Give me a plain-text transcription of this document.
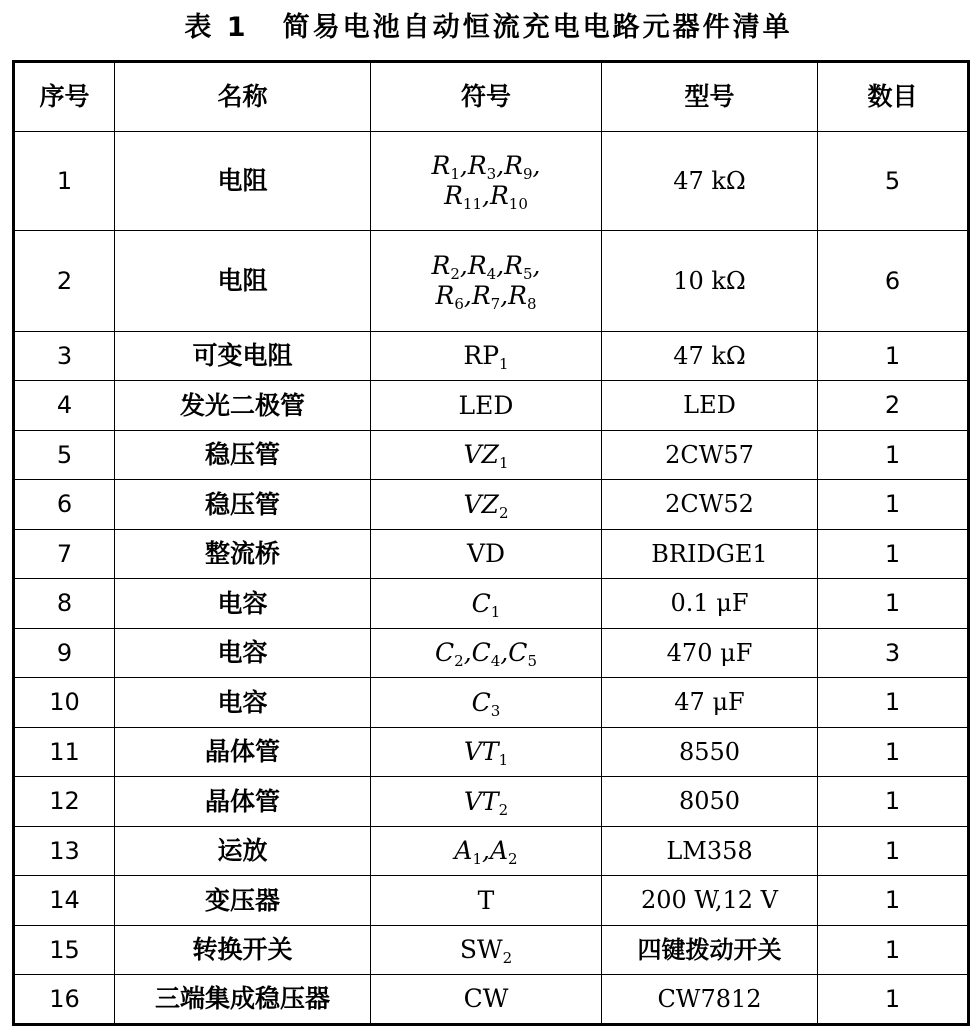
表 1 简易电池自动恒流充电电路元器件清单
序号	名称	符号	型号	数目
1	电阻	$R_1,R_3,R_9$,
$R_{11},R_{10}$	47 kΩ	5
2	电阻	$R_2,R_4,R_5$,
$R_6,R_7,R_8$	10 kΩ	6
3	可变电阻	$RP_1$	47 kΩ	1
4	发光二极管	LED	LED	2
5	稳压管	$VZ_1$	2CW57	1
6	稳压管	$VZ_2$	2CW52	1
7	整流桥	VD	BRIDGE1	1
8	电容	$C_1$	0.1 μF	1
9	电容	$C_2,C_4,C_5$	470 μF	3
10	电容	$C_3$	47 μF	1
11	晶体管	$VT_1$	8550	1
12	晶体管	$VT_2$	8050	1
13	运放	$A_1,A_2$	LM358	1
14	变压器	T	200 W,12 V	1
15	转换开关	$SW_2$	四键拨动开关	1
16	三端集成稳压器	CW	CW7812	1
